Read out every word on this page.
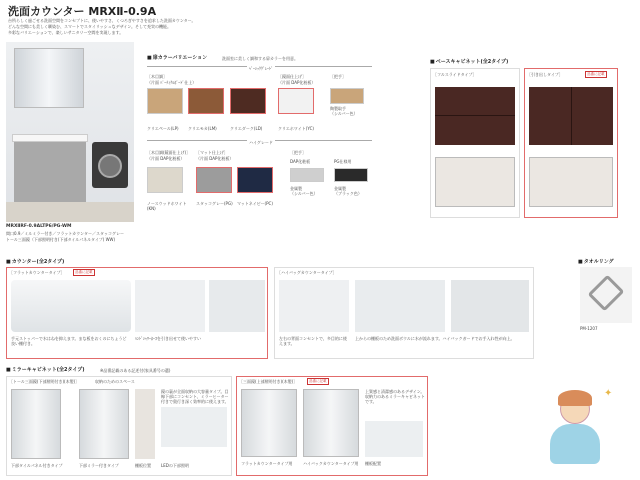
洗面カウンター MRXⅡ-0.9A
台所らしく過ごせる洗面空間をコンセプトに、使いやすさ、くつろぎやすさを追求した洗面カウンター。
どんな空間にも美しく馴染む、スマートでスタイリッシュなデザイン。そして充実の機能。
多彩なバリエーションで、楽しいサニタリー空間を実現します。
MRXⅡRF-0.9ALTP6/PG-WM
間口0.9／ミルミラー付き／フラットカウンター／スタッコグレー
トール三面鏡（下部照明付き(下部タイルパネルタイプ) WW)
■ 扉カラーバリエーション	洗面室に美しく調和する扉カラーを用意。
ﾍﾞｰｼｯｸｸﾞﾚｰﾄﾞ
［木目調］
（片面 ﾊﾟｰﾃｨｸﾙﾎﾞｰﾄﾞ仕上）
［鏡面仕上げ］
（片面 DAP化粧板）
［把手］
クリエペール(LP) クリエモカ(LM)	クリエダーク(LD)	クリエホワイト(YC)
陶製取手
（シルバー色）
ハイグレード
［木目調(鏡面仕上げ)］
（片面 DAP化粧板）
［マット仕上げ］
（片面 DAP化粧板）
［把手］
DAP化粧板	PG仕様用
ノースウッドホワイト(KN)
スタッコグレー(PG) マットネイビー(PC)
金属製
（シルバー色）
金属製
（ブラック色）
■ ベースキャビネット(全2タイプ)
［フルスライドタイプ］	［引き出しタイプ］	品番に記載
■ カウンター(全2タイプ)
［フラットカウンタータイプ］	品番に記載
手元ストッパーで水はねを抑えます。まな板をおくのにちょうど良い棚付き。
ﾊﾝﾄﾞｼｬﾜｰﾎｰｽを引き出せて使いやすい
［ハイバッグカウンタータイプ］
左右の背面コンセントで、多目的に使えます。
上からの棚板のため洗面ボウルに水が流れます。ハイバックガードでお手入れ性が向上。
■ タオルリング
PM-1207
■ ミラーキャビネット(全2タイプ)	※品番記載のある記述付(家具番号の選)
［トール三面鏡(下部照明付き)(木製)］	収納のためのスペース
鏡の裏が全面収納の大容量タイプ。目線下部にコンセント、ミラーヒーター付きで奥行き深く効率的に使えます。
下部タイルパネル付きタイプ	下部ミラー付きタイプ	棚板位置	LEDの下部照明
［三面鏡(上部照明付き)(木製)］	品番に記載
上質感と清潔感のあるデザイン。収納力のあるミラーキャビネットです。
フラットカウンタータイプ用	ハイバックカウンタータイプ用 棚板配置
✦
